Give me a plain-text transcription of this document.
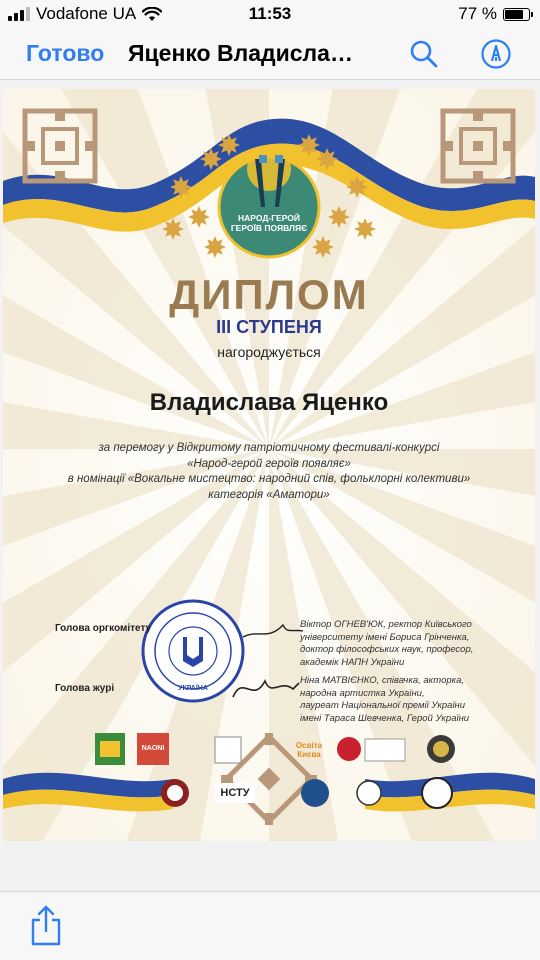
Vodafone UA	11:53	77 %
Готово Яценко Владисла…
НАРОД-ГЕРОЙ
ГЕРОЇВ ПОЯВЛЯЄ
ДИПЛОМ
ІІІ СТУПЕНЯ
нагороджується
Владислава Яценко
за перемогу у Відкритому патріотичному фестивалі-конкурсі
«Народ-герой героїв появляє»
в номінації «Вокальне мистецтво: народний спів, фольклорні колективи»
категорія «Аматори»
Голова оргкомітету
Голова журі
Віктор ОГНЕВ'ЮК, ректор Київського
університету імені Бориса Грінченка,
доктор філософських наук, професор,
академік НАПН України
Ніна МАТВІЄНКО, співачка, акторка,
народна артистка України,
лауреат Національної премії України
імені Тараса Шевченка, Герой України
УКРАЇНА
NAONI
НСТУ
Освіта Києва
